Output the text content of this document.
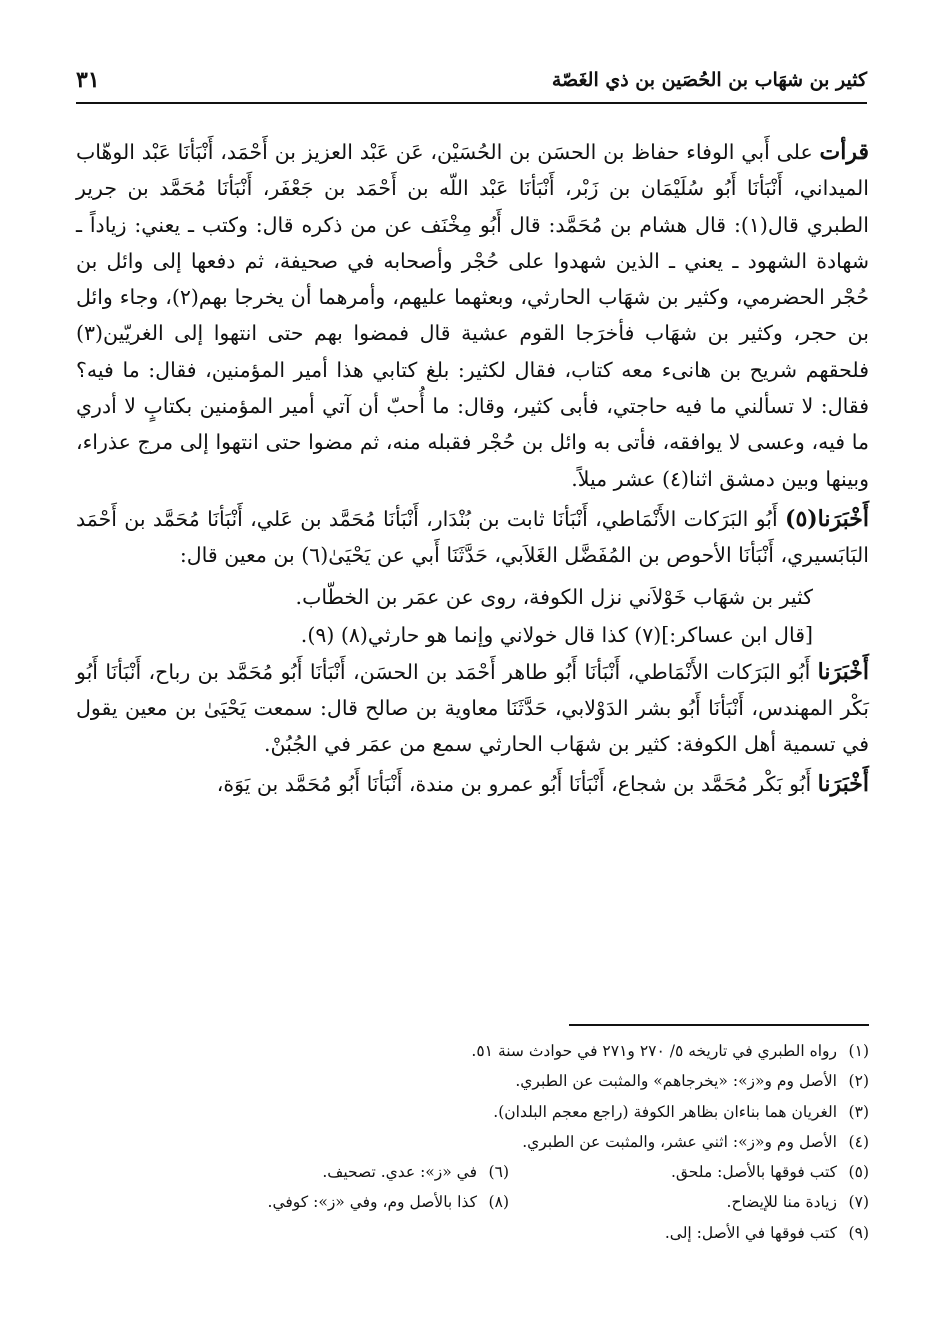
كثير بن شهَاب بن الحُصَين بن ذي الغَصّة
٣١

قرأت على أَبي الوفاء حفاظ بن الحسَن بن الحُسَيْن، عَن عَبْد العزيز بن أَحْمَد، أَنْبَأنَا عَبْد الوهّاب الميداني، أَنْبَأنَا أَبُو سُلَيْمَان بن زَبْر، أَنْبَأنَا عَبْد اللّه بن أَحْمَد بن جَعْفَر، أَنْبَأنَا مُحَمَّد بن جرير الطبري قال(١): قال هشام بن مُحَمَّد: قال أَبُو مِخْنَف عن من ذكره قال: وكتب ـ يعني: زياداً ـ شهادة الشهود ـ يعني ـ الذين شهدوا على حُجْر وأصحابه في صحيفة، ثم دفعها إلى وائل بن حُجْر الحضرمي، وكثير بن شهَاب الحارثي، وبعثهما عليهم، وأمرهما أن يخرجا بهم(٢)، وجاء وائل بن حجر، وكثير بن شهَاب فأخرَجا القوم عشية قال فمضوا بهم حتى انتهوا إلى الغريّين(٣) فلحقهم شريح بن هانىء معه كتاب، فقال لكثير: بلغ كتابي هذا أمير المؤمنين، فقال: ما فيه؟ فقال: لا تسألني ما فيه حاجتي، فأبى كثير، وقال: ما أُحبّ أن آتي أمير المؤمنين بكتابٍ لا أدري ما فيه، وعسى لا يوافقه، فأتى به وائل بن حُجْر فقبله منه، ثم مضوا حتى انتهوا إلى مرج عذراء، وبينها وبين دمشق اثنا(٤) عشر ميلاً.

أَخْبَرَنا(٥) أَبُو البَرَكات الأَنْمَاطي، أَنْبَأنَا ثابت بن بُنْدَار، أَنْبَأنَا مُحَمَّد بن عَلي، أَنْبَأنَا مُحَمَّد بن أَحْمَد البَابَسيري، أَنْبَأنَا الأحوص بن المُفَضَّل الغَلاَبي، حَدَّثَنَا أَبي عن يَحْيَىٰ(٦) بن معين قال:

كثير بن شهَاب خَوْلاَني نزل الكوفة، روى عن عمَر بن الخطّاب.
[قال ابن عساكر:](٧) كذا قال خولاني وإنما هو حارثي(٨) (٩).

أَخْبَرَنا أَبُو البَرَكات الأَنْمَاطي، أَنْبَأنَا أَبُو طاهر أَحْمَد بن الحسَن، أَنْبَأنَا أَبُو مُحَمَّد بن رباح، أَنْبَأنَا أَبُو بَكْر المهندس، أَنْبَأنَا أَبُو بشر الدَوْلابي، حَدَّثَنَا معاوية بن صالح قال: سمعت يَحْيَىٰ بن معين يقول في تسمية أهل الكوفة: كثير بن شهَاب الحارثي سمع من عمَر في الجُبُنْ.

أَخْبَرَنا أَبُو بَكْر مُحَمَّد بن شجاع، أَنْبَأنَا أَبُو عمرو بن مندة، أَنْبَأنَا أَبُو مُحَمَّد بن يَوَة،

(١)
رواه الطبري في تاريخه ٥/ ٢٧٠ و٢٧١ في حوادث سنة ٥١.
(٢)
الأصل وم و«ز»: «يخرجاهم» والمثبت عن الطبري.
(٣)
الغريان هما بناءان بظاهر الكوفة (راجع معجم البلدان).
(٤)
الأصل وم و«ز»: اثني عشر، والمثبت عن الطبري.
(٥)
كتب فوقها بالأصل: ملحق.
(٦)
في «ز»: عدي. تصحيف.
(٧)
زيادة منا للإيضاح.
(٨)
كذا بالأصل وم، وفي «ز»: كوفي.
(٩)
كتب فوقها في الأصل: إلى.
